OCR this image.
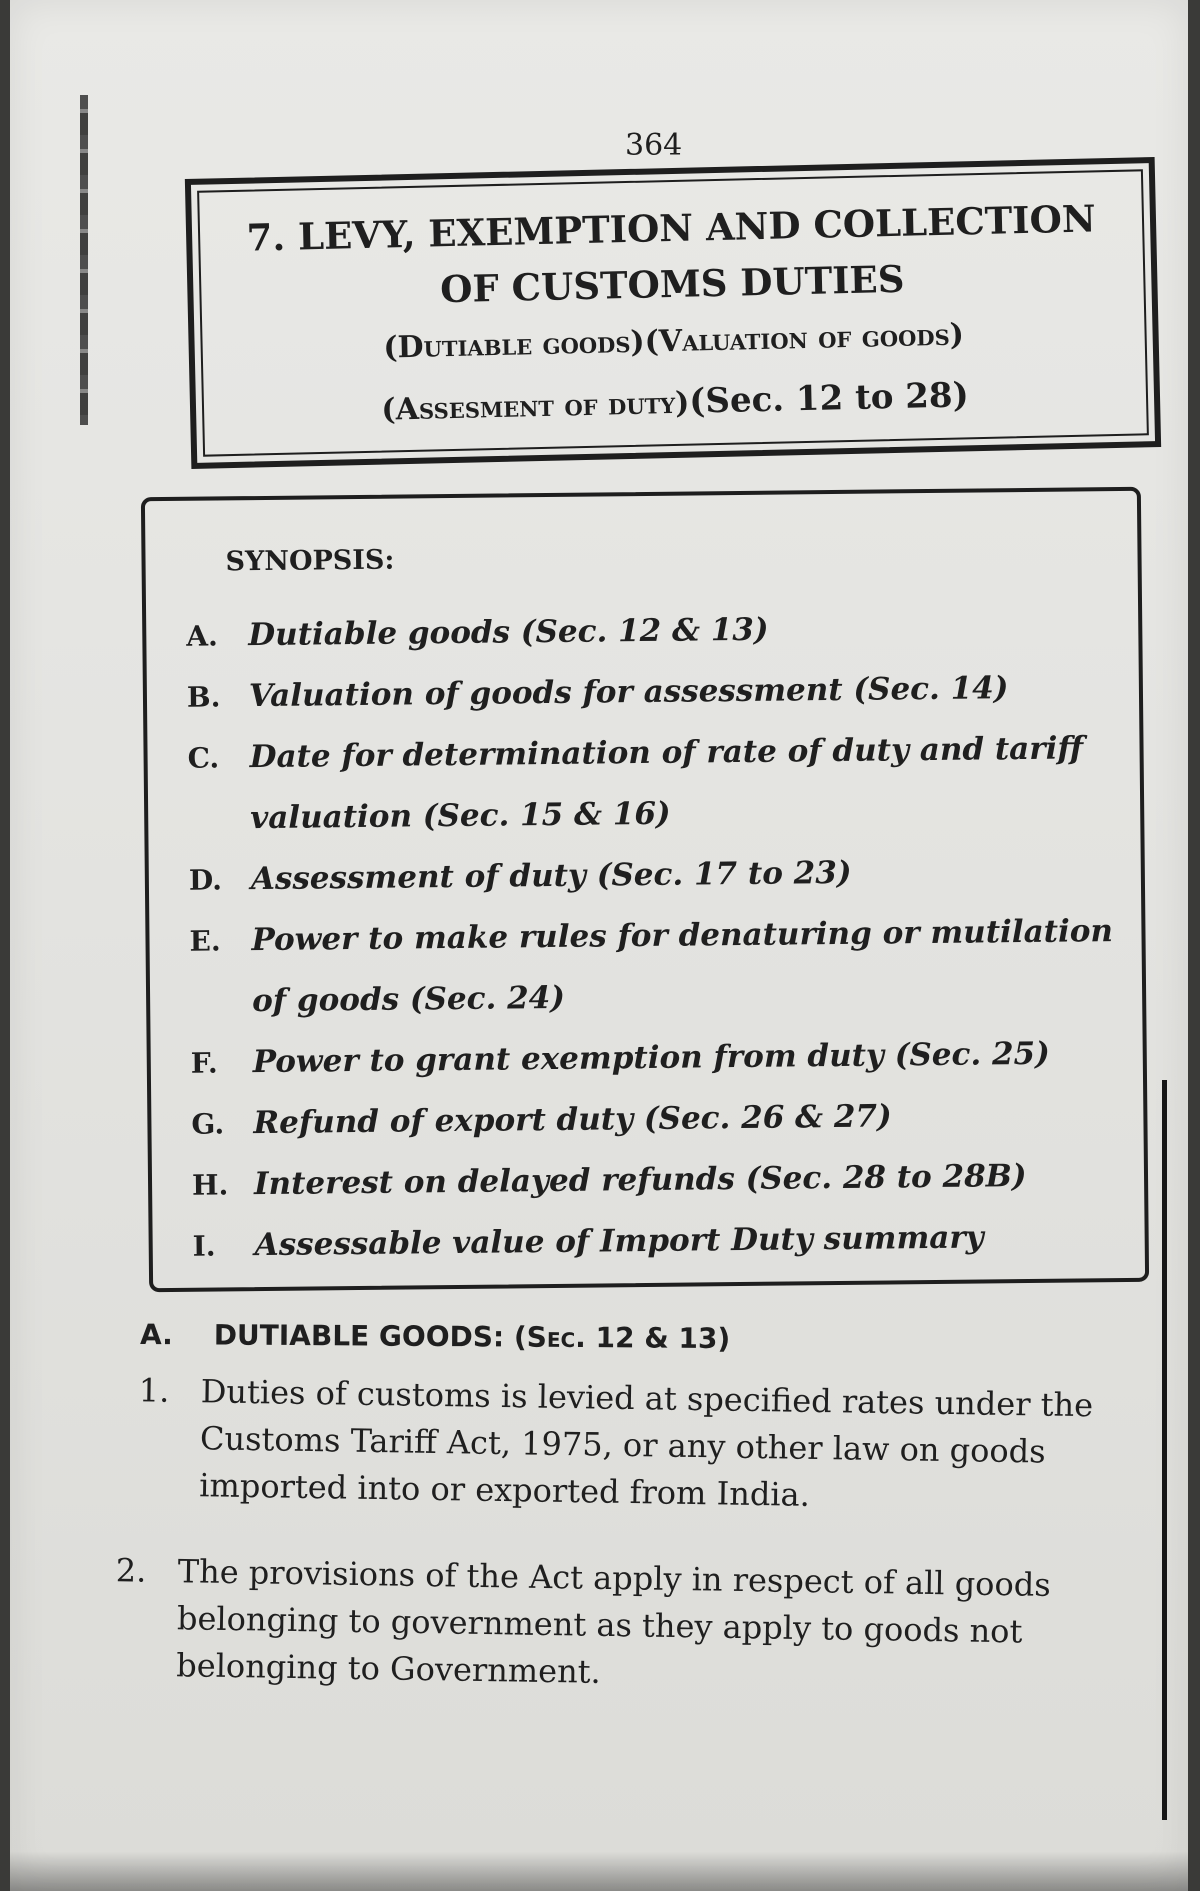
364
7. LEVY, EXEMPTION AND COLLECTION
OF CUSTOMS DUTIES
(Dutiable goods)(Valuation of goods)
(Assesment of duty)(Sec. 12 to 28)
SYNOPSIS:
A. Dutiable goods (Sec. 12 & 13)
B. Valuation of goods for assessment (Sec. 14)
C. Date for determination of rate of duty and tariff valuation (Sec. 15 & 16)
D. Assessment of duty (Sec. 17 to 23)
E. Power to make rules for denaturing or mutilation of goods (Sec. 24)
F.	Power to grant exemption from duty (Sec. 25)
G. Refund of export duty (Sec. 26 & 27)
H. Interest on delayed refunds (Sec. 28 to 28B)
I.	Assessable value of Import Duty summary
A. DUTIABLE GOODS: (Sec. 12 & 13)
1. Duties of customs is levied at specified rates under the Customs Tariff Act, 1975, or any other law on goods imported into or exported from India.
2. The provisions of the Act apply in respect of all goods belonging to government as they apply to goods not belonging to Government.
